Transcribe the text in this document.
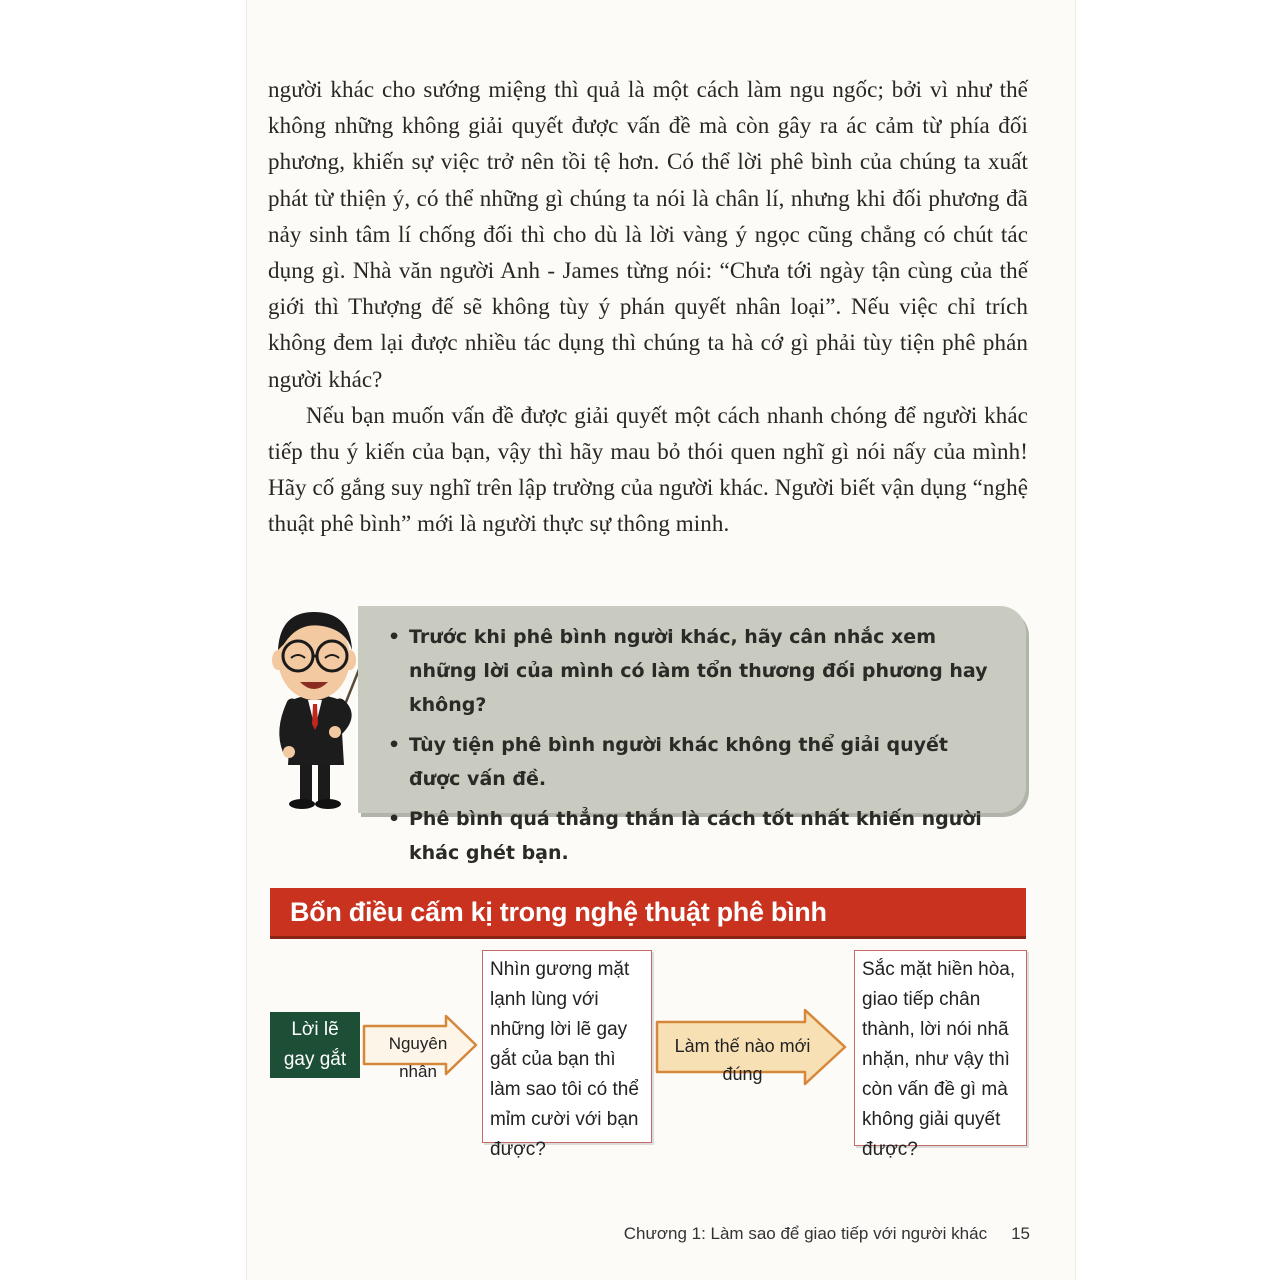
người khác cho sướng miệng thì quả là một cách làm ngu ngốc; bởi vì như thế không những không giải quyết được vấn đề mà còn gây ra ác cảm từ phía đối phương, khiến sự việc trở nên tồi tệ hơn. Có thể lời phê bình của chúng ta xuất phát từ thiện ý, có thể những gì chúng ta nói là chân lí, nhưng khi đối phương đã nảy sinh tâm lí chống đối thì cho dù là lời vàng ý ngọc cũng chẳng có chút tác dụng gì. Nhà văn người Anh - James từng nói: “Chưa tới ngày tận cùng của thế giới thì Thượng đế sẽ không tùy ý phán quyết nhân loại”. Nếu việc chỉ trích không đem lại được nhiều tác dụng thì chúng ta hà cớ gì phải tùy tiện phê phán người khác?

Nếu bạn muốn vấn đề được giải quyết một cách nhanh chóng để người khác tiếp thu ý kiến của bạn, vậy thì hãy mau bỏ thói quen nghĩ gì nói nấy của mình! Hãy cố gắng suy nghĩ trên lập trường của người khác. Người biết vận dụng “nghệ thuật phê bình” mới là người thực sự thông minh.

• Trước khi phê bình người khác, hãy cân nhắc xem những lời của mình có làm tổn thương đối phương hay không?
• Tùy tiện phê bình người khác không thể giải quyết được vấn đề.
• Phê bình quá thẳng thắn là cách tốt nhất khiến người khác ghét bạn.
Bốn điều cấm kị trong nghệ thuật phê bình
Lời lẽ
gay gắt
Nguyên nhân
Nhìn gương mặt lạnh lùng với những lời lẽ gay gắt của bạn thì làm sao tôi có thể mỉm cười với bạn được?
Làm thế nào mới đúng
Sắc mặt hiền hòa, giao tiếp chân thành, lời nói nhã nhặn, như vậy thì còn vấn đề gì mà không giải quyết được?
Chương 1: Làm sao để giao tiếp với người khác 15
